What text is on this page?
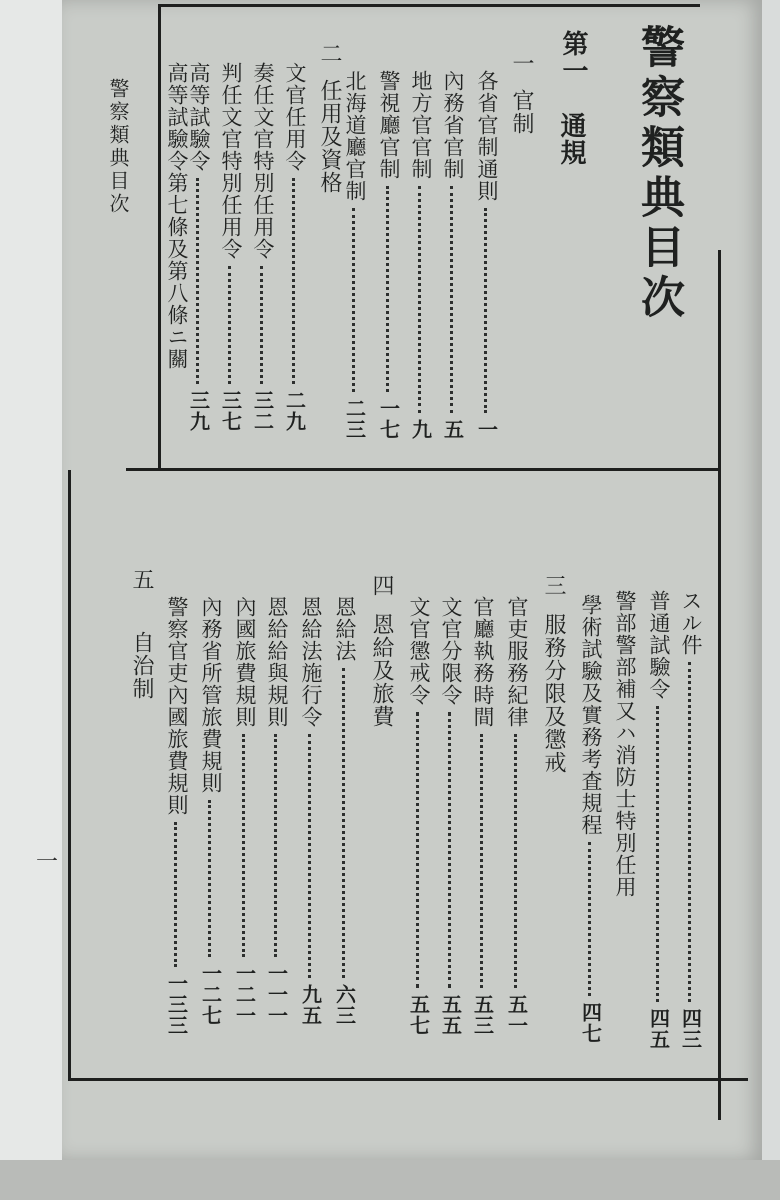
警察類典目次
警察類典目次
一
第一
通規
一官制
各省官制通則
一
內務省官制
五
地方官官制
九
警視廳官制
一七
北海道廳官制
二三
二任用及資格
文官任用令
二九
奏任文官特別任用令
三二
判任文官特別任用令
三七
高等試驗令
三九
高等試驗令第七條及第八條ニ關
スル件
四三
普通試驗令
四五
警部警部補又ハ消防士特別任用
學術試驗及實務考査規程
四七
三服務分限及懲戒
官吏服務紀律
五一
官廳執務時間
五三
文官分限令
五五
文官懲戒令
五七
四恩給及旅費
恩給法
六三
恩給法施行令
九五
恩給給與規則
一一一
內國旅費規則
一二一
內務省所管旅費規則
一二七
警察官吏內國旅費規則
一三三
五自治制
